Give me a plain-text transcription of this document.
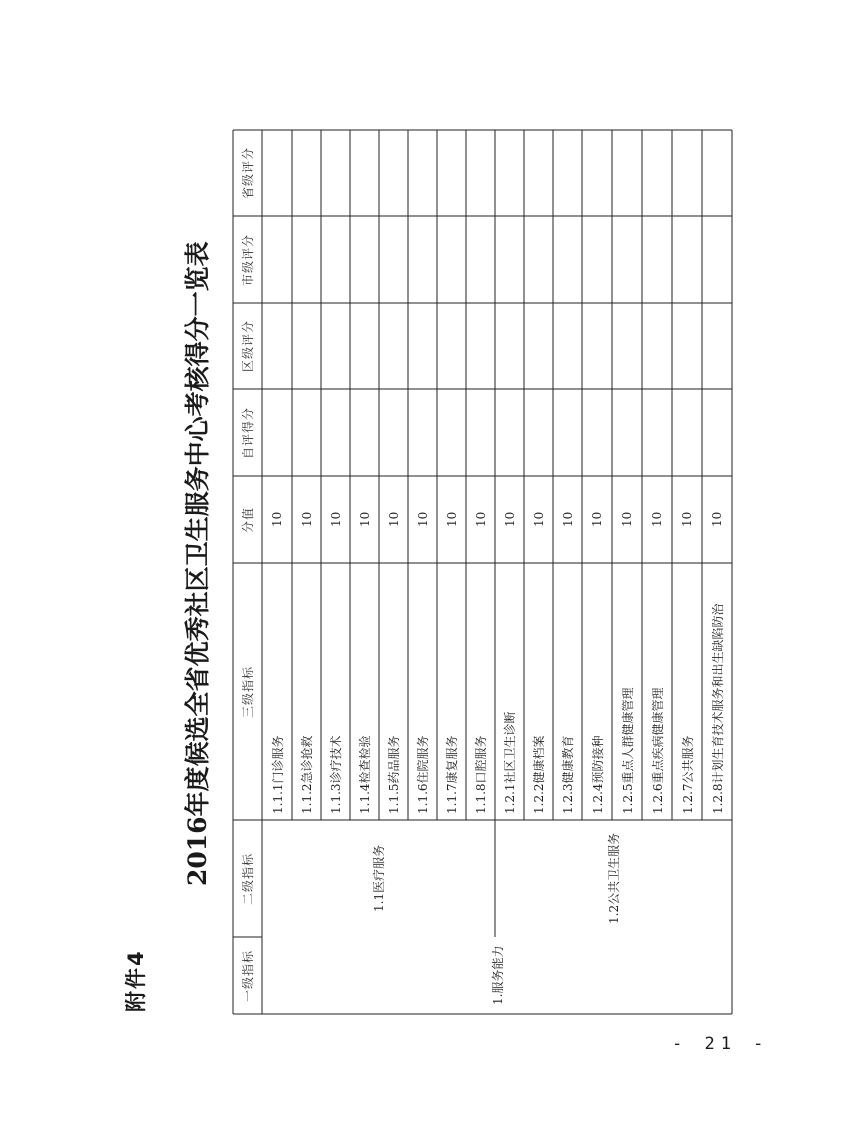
附件4
2016年度候选全省优秀社区卫生服务中心考核得分一览表
一级指标
二级指标
三级指标
分值
自评得分
区级评分
市级评分
省级评分
1.服务能力
1.1医疗服务	1.2公共卫生服务
1.1.1门诊服务
10
1.1.2急诊抢救
10
1.1.3诊疗技术
10
1.1.4检查检验
10
1.1.5药品服务
10
1.1.6住院服务
10
1.1.7康复服务
10
1.1.8口腔服务
10
1.2.1社区卫生诊断
10
1.2.2健康档案
10
1.2.3健康教育
10
1.2.4预防接种
10
1.2.5重点人群健康管理
10
1.2.6重点疾病健康管理
10
1.2.7公共服务
10
1.2.8计划生育技术服务和出生缺陷防治
10
- 21 -
